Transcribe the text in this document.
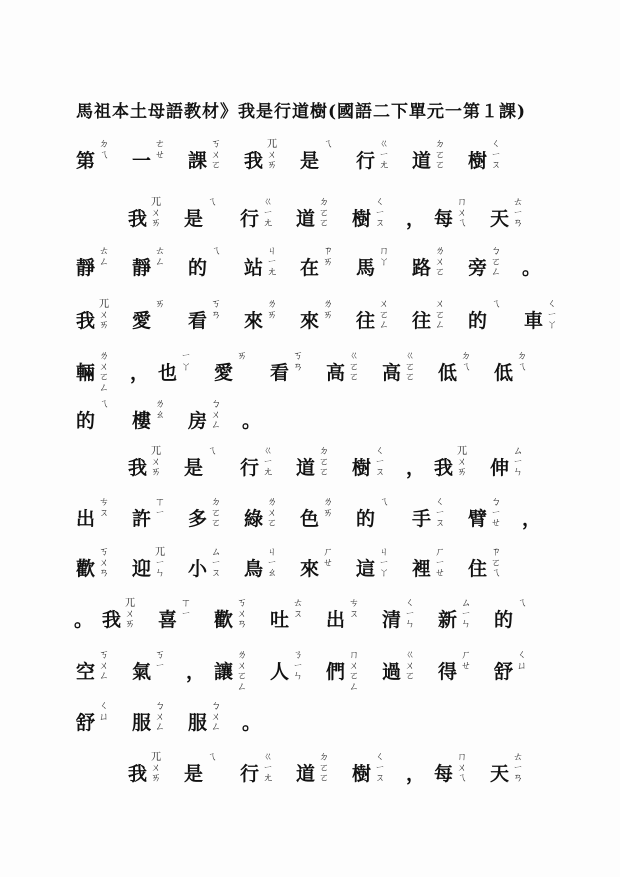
馬祖本土母語教材》我是行道樹(國語二下單元一第１課)
第
ㄉ
ㄟ 一
ㄜ
ㄝ 課
ㄎ
ㄨ
ㄛ 我
ㄫ
ㄨ
ㄞ 是
ㄟ
行
ㄍ
ㄧ
ㄤ 道
ㄉ
ㄛ
ㄛ 樹
ㄑ
ㄧ
ㄡ
我
ㄫ
ㄨ
ㄞ 是
ㄟ
行
ㄍ
ㄧ
ㄤ 道
ㄉ
ㄛ
ㄛ 樹
ㄑ
ㄧ
ㄡ ， 每
ㄇ
ㄨ
ㄟ 天
ㄊ
ㄧ
ㄢ
靜
ㄊ
ㄥ 靜
ㄊ
ㄥ 的
ㄟ
站
ㄐ
ㄧ
ㄤ 在
ㄗ
ㄞ 馬
ㄇ
ㄚ 路
ㄌ
ㄨ
ㄛ 旁
ㄅ
ㄛ
ㄥ 。
我
ㄫ
ㄨ
ㄞ 愛
ㄞ
看
ㄎ
ㄢ 來
ㄌ
ㄞ 來
ㄌ
ㄞ 往
ㄨ
ㄛ
ㄥ 往
ㄨ
ㄛ
ㄥ 的
ㄟ
車
ㄑ
ㄧ
ㄚ
輛
ㄌ
ㄨ
ㄛ
ㄥ
， 也
ㄧ
ㄚ 愛
ㄞ
看
ㄎ
ㄢ 高
ㄍ
ㄛ
ㄛ 高
ㄍ
ㄛ
ㄛ 低
ㄉ
ㄟ 低
ㄉ
ㄟ
的
ㄟ
樓
ㄌ
ㄠ 房
ㄅ
ㄨ
ㄥ 。
我
ㄫ
ㄨ
ㄞ 是
ㄟ
行
ㄍ
ㄧ
ㄤ 道
ㄉ
ㄛ
ㄛ 樹
ㄑ
ㄧ
ㄡ ， 我
ㄫ
ㄨ
ㄞ 伸
ㄙ
ㄧ
ㄣ
出
ㄘ
ㄡ 許
ㄒ
ㄧ 多
ㄉ
ㄛ
ㄛ 綠
ㄌ
ㄨ
ㄛ 色
ㄌ
ㄞ 的
ㄟ
手
ㄑ
ㄧ
ㄡ 臂
ㄅ
ㄧ
ㄝ ，
歡
ㄎ
ㄨ
ㄢ 迎
ㄫ
ㄧ
ㄣ 小
ㄙ
ㄧ
ㄡ 鳥
ㄐ
ㄧ
ㄠ 來
ㄏ
ㄝ 這
ㄐ
ㄧ
ㄚ 裡
ㄏ
ㄧ
ㄝ 住
ㄗ
ㄛ
ㄟ
。 我
ㄫ
ㄨ
ㄞ 喜
ㄒ
ㄧ 歡
ㄎ
ㄨ
ㄢ 吐
ㄊ
ㄡ 出
ㄘ
ㄡ 清
ㄑ
ㄧ
ㄣ 新
ㄙ
ㄧ
ㄣ 的
ㄟ
空
ㄎ
ㄨ
ㄥ 氣
ㄎ
ㄧ ， 讓
ㄌ
ㄨ
ㄛ
ㄥ
人
ㄋ
ㄧ
ㄣ 們
ㄇ
ㄨ
ㄛ
ㄥ
過
ㄍ
ㄨ
ㄛ 得
ㄏ
ㄝ 舒
ㄑ
ㄩ
舒
ㄑ
ㄩ 服
ㄅ
ㄨ
ㄥ 服
ㄅ
ㄨ
ㄥ 。
我
ㄫ
ㄨ
ㄞ 是
ㄟ
行
ㄍ
ㄧ
ㄤ 道
ㄉ
ㄛ
ㄛ 樹
ㄑ
ㄧ
ㄡ ， 每
ㄇ
ㄨ
ㄟ 天
ㄊ
ㄧ
ㄢ
